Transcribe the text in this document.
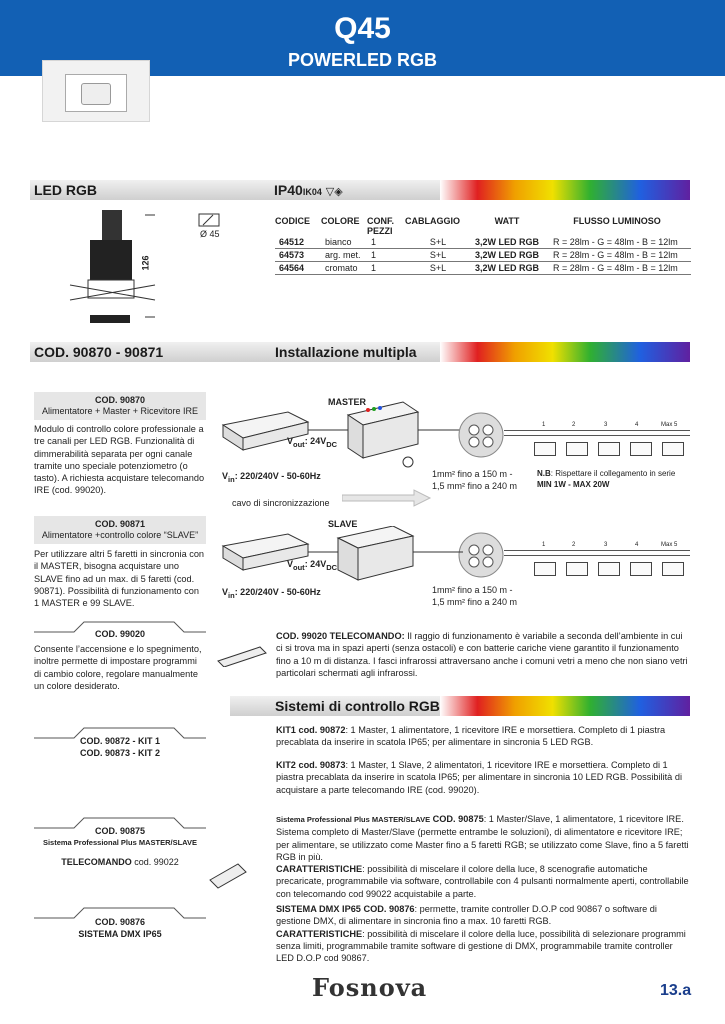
Q45
POWERLED RGB
LED RGB	IP40IK04 ▽◈
126
Ø 45
CODICE	COLORE	CONF. PEZZI	CABLAGGIO	WATT	FLUSSO LUMINOSO
64512	bianco	1	S+L	3,2W LED RGB	R = 28lm - G = 48lm - B = 12lm
64573	arg. met.	1	S+L	3,2W LED RGB	R = 28lm - G = 48lm - B = 12lm
64564	cromato	1	S+L	3,2W LED RGB	R = 28lm - G = 48lm - B = 12lm
COD. 90870 - 90871	Installazione multipla
COD. 90870
Alimentatore + Master + Ricevitore IRE
Modulo di controllo colore professionale a tre canali per LED RGB. Funzionalità di dimmerabilità separata per ogni canale tramite uno speciale potenziometro (o tasto). A richiesta acquistare telecomando IRE (cod. 99020).
COD. 90871
Alimentatore +controllo colore “SLAVE”
Per utilizzare altri 5 faretti in sincronia con il MASTER, bisogna acquistare uno SLAVE fino ad un max. di 5 faretti (cod. 90871). Possibilità di funzionamento con 1 MASTER e 99 SLAVE.
MASTER
$V_{out}$: $24V_{DC}$
$V_{in}$: 220/240V - 50-60Hz	1mm² fino a 150 m -
1,5 mm² fino a 240 m
cavo di sincronizzazione
N.B: Rispettare il collegamento in serie
MIN 1W - MAX 20W
1	2	3	4	Max 5
1	2	3	4	Max 5
SLAVE
$V_{out}$: $24V_{DC}$
$V_{in}$: 220/240V - 50-60Hz	1mm² fino a 150 m -
1,5 mm² fino a 240 m
COD. 99020
Consente l’accensione e lo spegnimento, inoltre permette di impostare programmi di cambio colore, regolare manualmente un colore desiderato.
COD. 99020 TELECOMANDO: Il raggio di funzionamento è variabile a seconda dell’ambiente in cui ci si trova ma in spazi aperti (senza ostacoli) e con batterie cariche viene garantito il funzionamento fino a 10 m di distanza. I fasci infrarossi attraversano anche i comuni vetri a meno che non siano vetri particolari schermati agli infrarossi.
Sistemi di controllo RGB
COD. 90872 - KIT 1
COD. 90873 - KIT 2
KIT1 cod. 90872: 1 Master, 1 alimentatore, 1 ricevitore IRE e morsettiera. Completo di 1 piastra precablata da inserire in scatola IP65; per alimentare in sincronia 5 LED RGB.
KIT2 cod. 90873: 1 Master, 1 Slave, 2 alimentatori, 1 ricevitore IRE e morsettiera. Completo di 1 piastra precablata da inserire in scatola IP65; per alimentare in sincronia 10 LED RGB. Possibilità di acquistare a parte telecomando IRE (cod. 99020).
COD. 90875
Sistema Professional Plus MASTER/SLAVE
TELECOMANDO cod. 99022
Sistema Professional Plus MASTER/SLAVE COD. 90875: 1 Master/Slave, 1 alimentatore, 1 ricevitore IRE. Sistema completo di Master/Slave (permette entrambe le soluzioni), di alimentatore e ricevitore IRE; per alimentare, se utilizzato come Master fino a 5 faretti RGB; se utilizzato come Slave, fino a 5 faretti RGB in più.
CARATTERISTICHE: possibilità di miscelare il colore della luce, 8 scenografie automatiche precaricate, programmabile via software, controllabile con 4 pulsanti normalmente aperti, controllabile con telecomando cod 99022 acquistabile a parte.
COD. 90876
SISTEMA DMX IP65
SISTEMA DMX IP65 COD. 90876: permette, tramite controller D.O.P cod 90867 o software di gestione DMX, di alimentare in sincronia fino a max. 10 faretti RGB.
CARATTERISTICHE: possibilità di miscelare il colore della luce, possibilità di selezionare programmi senza limiti, programmabile tramite software di gestione di DMX, programmabile tramite controller LED D.O.P cod 90867.
Fosnova	13.a
